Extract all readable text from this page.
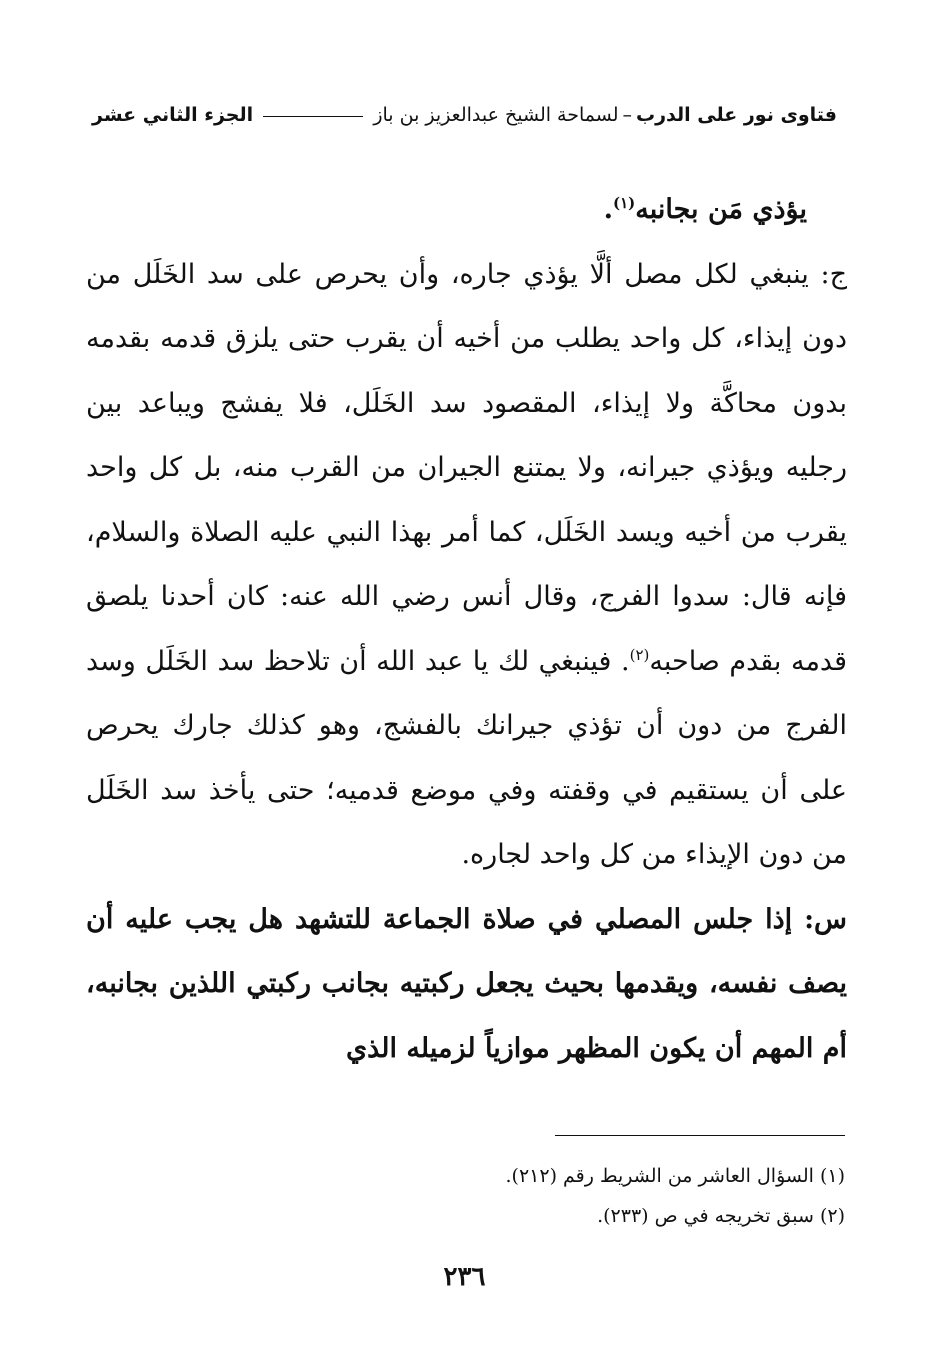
فتاوى نور على الدرب
–
لسماحة الشيخ عبدالعزيز بن باز
الجزء الثاني عشر

يؤذي مَن بجانبه$^{(١)}$.

ج: ينبغي لكل مصل ألَّا يؤذي جاره، وأن يحرص على سد الخَلَل من دون إيذاء، كل واحد يطلب من أخيه أن يقرب حتى يلزق قدمه بقدمه بدون محاكَّة ولا إيذاء، المقصود سد الخَلَل، فلا يفشج ويباعد بين رجليه ويؤذي جيرانه، ولا يمتنع الجيران من القرب منه، بل كل واحد يقرب من أخيه ويسد الخَلَل، كما أمر بهذا النبي عليه الصلاة والسلام، فإنه قال: سدوا الفرج، وقال أنس رضي الله عنه: كان أحدنا يلصق قدمه بقدم صاحبه$^{(٢)}$. فينبغي لك يا عبد الله أن تلاحظ سد الخَلَل وسد الفرج من دون أن تؤذي جيرانك بالفشج، وهو كذلك جارك يحرص على أن يستقيم في وقفته وفي موضع قدميه؛ حتى يأخذ سد الخَلَل من دون الإيذاء من كل واحد لجاره.

س: إذا جلس المصلي في صلاة الجماعة للتشهد هل يجب عليه أن يصف نفسه، ويقدمها بحيث يجعل ركبتيه بجانب ركبتي اللذين بجانبه، أم المهم أن يكون المظهر موازياً لزميله الذي

(١) السؤال العاشر من الشريط رقم (٢١٢).

(٢) سبق تخريجه في ص (٢٣٣).

٢٣٦
